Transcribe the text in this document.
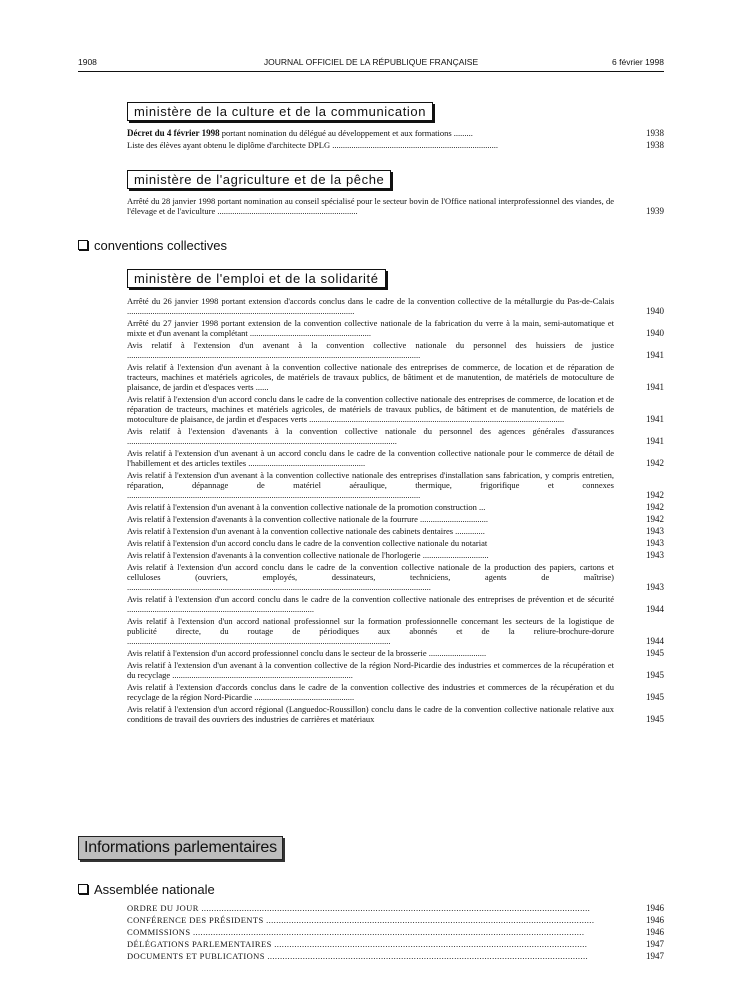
1908	JOURNAL OFFICIEL DE LA RÉPUBLIQUE FRANÇAISE	6 février 1998
ministère de la culture et de la communication
Décret du 4 février 1998 portant nomination du délégué au développement et aux formations .........	1938
Liste des élèves ayant obtenu le diplôme d'architecte DPLG ..............................................................................	1938
ministère de l'agriculture et de la pêche
Arrêté du 28 janvier 1998 portant nomination au conseil spécialisé pour le secteur bovin de l'Office national interprofessionnel des viandes, de l'élevage et de l'aviculture ..................................................................	1939
conventions collectives
ministère de l'emploi et de la solidarité
Arrêté du 26 janvier 1998 portant extension d'accords conclus dans le cadre de la convention collective de la métallurgie du Pas-de-Calais ...........................................................................................................	1940
Arrêté du 27 janvier 1998 portant extension de la convention collective nationale de la fabrication du verre à la main, semi-automatique et mixte et d'un avenant la complétant .........................................................	1940
Avis relatif à l'extension d'un avenant à la convention collective nationale du personnel des huissiers de justice ..........................................................................................................................................	1941
Avis relatif à l'extension d'un avenant à la convention collective nationale des entreprises de commerce, de location et de réparation de tracteurs, machines et matériels agricoles, de matériels de travaux publics, de bâtiment et de manutention, de matériels de motoculture de plaisance, de jardin et d'espaces verts ......	1941
Avis relatif à l'extension d'un accord conclu dans le cadre de la convention collective nationale des entreprises de commerce, de location et de réparation de tracteurs, machines et matériels agricoles, de matériels de travaux publics, de bâtiment et de manutention, de matériels de motoculture de plaisance, de jardin et d'espaces verts ........................................................................................................................	1941
Avis relatif à l'extension d'avenants à la convention collective nationale du personnel des agences générales d'assurances ...............................................................................................................................	1941
Avis relatif à l'extension d'un avenant à un accord conclu dans le cadre de la convention collective nationale pour le commerce de détail de l'habillement et des articles textiles .......................................................	1942
Avis relatif à l'extension d'un avenant à la convention collective nationale des entreprises d'installation sans fabrication, y compris entretien, réparation, dépannage de matériel aéraulique, thermique, frigorifique et connexes ..........................................................................................................................................	1942
Avis relatif à l'extension d'un avenant à la convention collective nationale de la promotion construction ...	1942
Avis relatif à l'extension d'avenants à la convention collective nationale de la fourrure ................................	1942
Avis relatif à l'extension d'un avenant à la convention collective nationale des cabinets dentaires ..............	1943
Avis relatif à l'extension d'un accord conclu dans le cadre de la convention collective nationale du notariat	1943
Avis relatif à l'extension d'avenants à la convention collective nationale de l'horlogerie ...............................	1943
Avis relatif à l'extension d'un accord conclu dans le cadre de la convention collective nationale de la production des papiers, cartons et celluloses (ouvriers, employés, dessinateurs, techniciens, agents de maîtrise) ...............................................................................................................................................	1943
Avis relatif à l'extension d'un accord conclu dans le cadre de la convention collective nationale des entreprises de prévention et de sécurité ........................................................................................	1944
Avis relatif à l'extension d'un accord national professionnel sur la formation professionnelle concernant les secteurs de la logistique de publicité directe, du routage de périodiques aux abonnés et de la reliure-brochure-dorure ............................................................................................................................	1944
Avis relatif à l'extension d'un accord professionnel conclu dans le secteur de la brosserie ...........................	1945
Avis relatif à l'extension d'un avenant à la convention collective de la région Nord-Picardie des industries et commerces de la récupération et du recyclage .....................................................................................	1945
Avis relatif à l'extension d'accords conclus dans le cadre de la convention collective des industries et commerces de la récupération et du recyclage de la région Nord-Picardie ...............................................	1945
Avis relatif à l'extension d'un accord régional (Languedoc-Roussillon) conclu dans le cadre de la convention collective nationale relative aux conditions de travail des ouvriers des industries de carrières et matériaux	1945
Informations parlementaires
Assemblée nationale
ORDRE DU JOUR ..........................................................................................................................................................	1946
CONFÉRENCE DES PRÉSIDENTS ..................................................................................................................................	1946
COMMISSIONS ...........................................................................................................................................................	1946
DÉLÉGATIONS PARLEMENTAIRES ............................................................................................................................	1947
DOCUMENTS ET PUBLICATIONS ...............................................................................................................................	1947
